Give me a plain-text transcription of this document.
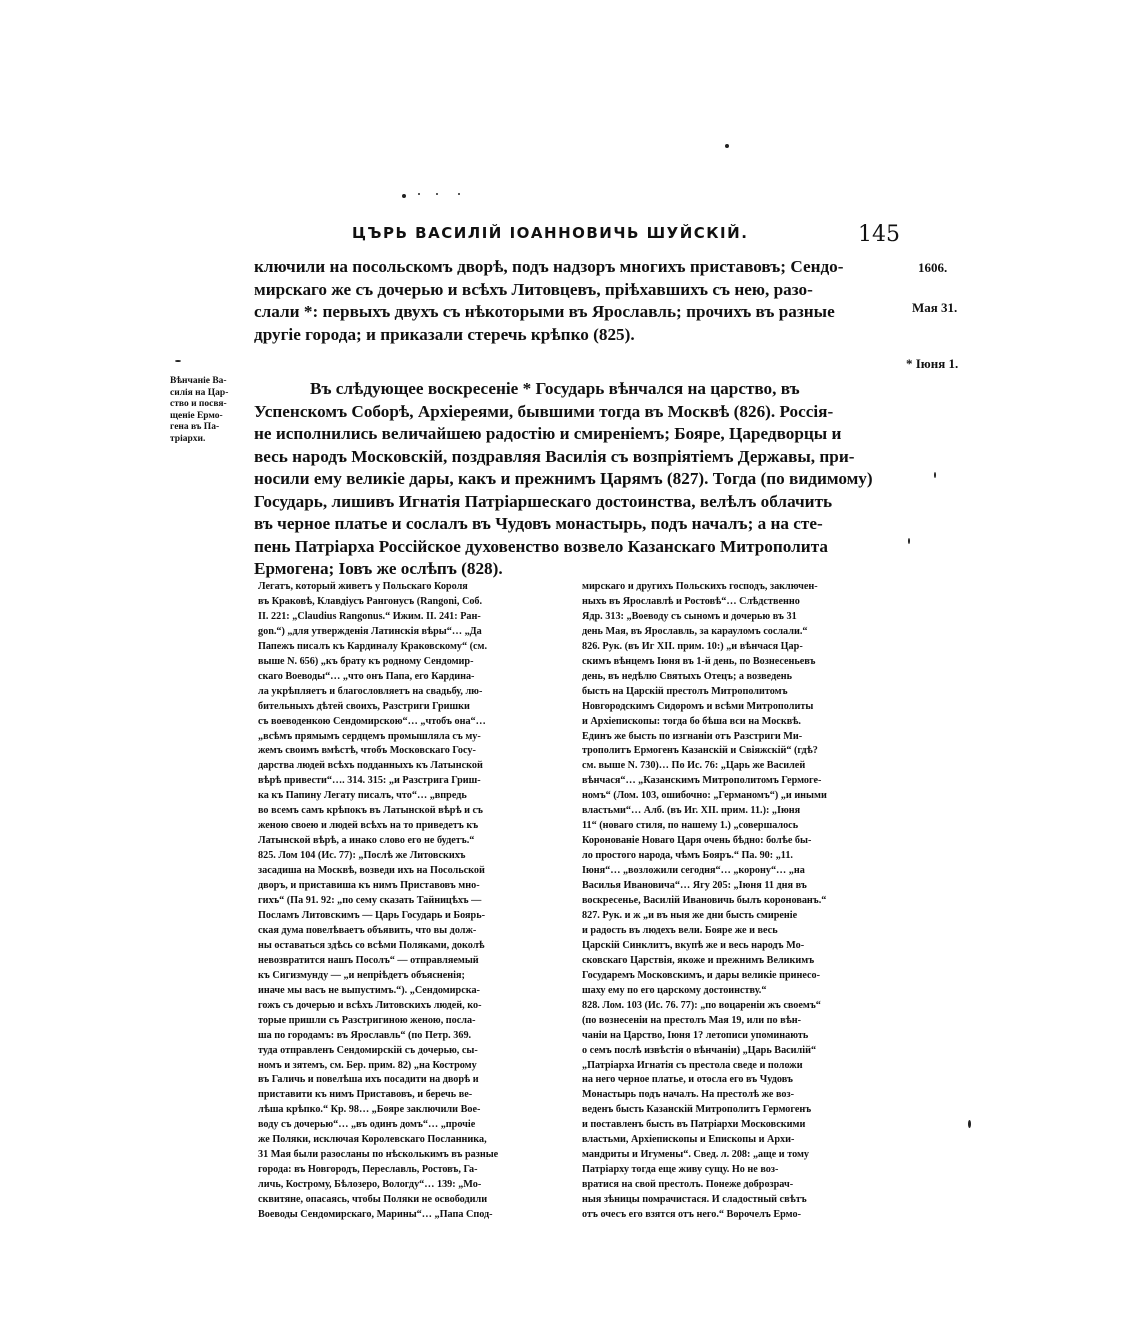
ЦЪРЬ ВАСИЛІЙ ІОАННОВИЧЬ ШУЙСКІЙ.	145
1606.
Мая 31.
* Іюня 1.
Вѣнчаніе Ва-
силія на Цар-
ство и посвя-
щеніе Ермо-
гена въ Па-
тріархи.
ключили на посольскомъ дворѣ, подъ надзоръ многихъ приставовъ; Сендо-
мирскаго же съ дочерью и всѣхъ Литовцевъ, пріѣхавшихъ съ нею, разо-
слали *: первыхъ двухъ съ нѣкоторыми въ Ярославль; прочихъ въ разные
другіе города; и приказали стеречь крѣпко (825).
Въ слѣдующее воскресеніе * Государь вѣнчался на царство, въ
Успенскомъ Соборѣ, Архіереями, бывшими тогда въ Москвѣ (826). Россія-
не исполнились величайшею радостію и смиреніемъ; Бояре, Царедворцы и
весь народъ Московскій, поздравляя Василія съ возпріятіемъ Державы, при-
носили ему великіе дары, какъ и прежнимъ Царямъ (827). Тогда (по видимому)
Государь, лишивъ Игнатія Патріаршескаго достоинства, велѣлъ облачить
въ черное платье и сослалъ въ Чудовъ монастырь, подъ началъ; а на сте-
пень Патріарха Россійское духовенство возвело Казанскаго Митрополита
Ермогена; Іовъ же ослѣпъ (828).
Легатъ, который живетъ у Польскаго Короля
въ Краковѣ, Клавдіусъ Рангонусъ (Rangoni, Соб.
II. 221: „Claudius Rangonus.“ Ижим. II. 241: Ран-
gon.“) „для утвержденія Латинскія вѣры“… „Да
Папежъ писалъ къ Кардиналу Краковскому“ (см.
выше N. 656) „къ брату къ родному Сендомир-
скаго Воеводы“… „что онъ Папа, его Кардина-
ла укрѣпляетъ и благословляетъ на свадьбу, лю-
бительныхъ дѣтей своихъ, Разстриги Гришки
съ воеводенкою Сендомирскою“… „чтобъ она“…
„всѣмъ прямымъ сердцемъ промышляла съ му-
жемъ своимъ вмѣстѣ, чтобъ Московскаго Госу-
дарства людей всѣхъ подданныхъ къ Латынской
вѣрѣ привести“…. 314. 315: „и Разстрига Гриш-
ка къ Папину Легату писалъ, что“… „впредь
во всемъ самъ крѣпокъ въ Латынской вѣрѣ и съ
женою своею и людей всѣхъ на то приведетъ къ
Латынской вѣрѣ, а инако слово его не будетъ.“
825. Лом 104 (Ис. 77): „Послѣ же Литовскихъ
засадиша на Москвѣ, возведи ихъ на Посольской
дворъ, и приставиша къ нимъ Приставовъ мно-
гихъ“ (Па 91. 92: „по сему сказать Тайницѣхъ —
Посламъ Литовскимъ — Царь Государь и Боярь-
ская дума повелѣваетъ объявить, что вы долж-
ны оставаться здѣсь со всѣми Поляками, доколѣ
невозвратится нашъ Посолъ“ — отправляемый
къ Сигизмунду — „и непріѣдетъ объясненія;
иначе мы васъ не выпустимъ.“). „Сендомирска-
гожъ съ дочерью и всѣхъ Литовскихъ людей, ко-
торые пришли съ Разстригиною женою, посла-
ша по городамъ: въ Ярославль“ (по Петр. 369.
туда отправленъ Сендомирскій съ дочерью, сы-
номъ и зятемъ, см. Бер. прим. 82) „на Кострому
въ Галичь и повелѣша ихъ посадити на дворѣ и
приставити къ нимъ Приставовъ, и беречь ве-
лѣша крѣпко.“ Кр. 98… „Бояре заключили Вое-
воду съ дочерью“… „въ одинъ домъ“… „прочіе
же Поляки, исключая Королевскаго Посланника,
31 Мая были разосланы по нѣсколькимъ въ разные
города: въ Новгородъ, Переславль, Ростовъ, Га-
личь, Кострому, Бѣлозеро, Вологду“… 139: „Мо-
сквитяне, опасаясь, чтобы Поляки не освободили
Воеводы Сендомирскаго, Марины“… „Папа Спод-
мирскаго и другихъ Польскихъ господъ, заключен-
ныхъ въ Ярославлѣ и Ростовѣ“… Слѣдственно
Ядр. 313: „Воеводу съ сыномъ и дочерью въ 31
день Мая, въ Ярославль, за карауломъ сослали.“
826. Рук. (въ Иг XII. прим. 10:) „и вѣнчася Цар-
скимъ вѣнцемъ Іюня въ 1-й день, по Вознесеньевъ
день, въ недѣлю Святыхъ Отецъ; а возведень
бысть на Царскій престолъ Митрополитомъ
Новгородскимъ Сидоромъ и всѣми Митрополиты
и Архіепископы: тогда бо бѣша вси на Москвѣ.
Единъ же бысть по изгнаніи отъ Разстриги Ми-
трополитъ Ермогенъ Казанскій и Свіяжскій“ (гдѣ?
см. выше N. 730)… По Ис. 76: „Царь же Василей
вѣнчася“… „Казанскимъ Митрополитомъ Гермоге-
номъ“ (Лом. 103, ошибочно: „Германомъ“) „и иными
властьми“… Алб. (въ Иг. XII. прим. 11.): „Іюня
11“ (новаго стиля, по нашему 1.) „совершалось
Коронованіе Новаго Царя очень бѣдно: болѣе бы-
ло простого народа, чѣмъ Бояръ.“ Па. 90: „11.
Іюня“… „возложили сегодня“… „корону“… „на
Василья Ивановича“… Ягу 205: „Іюня 11 дня въ
воскресенье, Василій Ивановичь былъ коронованъ.“
827. Рук. и ж „и въ ныя же дни бысть смиреніе
и радость въ людехъ вели. Бояре же и весь
Царскій Синклитъ, вкупѣ же и весь народъ Мо-
сковскаго Царствія, якоже и прежнимъ Великимъ
Государемъ Московскимъ, и дары великіе принесо-
шаху ему по его царскому достоинству.“
828. Лом. 103 (Ис. 76. 77): „по воцареніи жъ своемъ“
(по вознесеніи на престолъ Мая 19, или по вѣн-
чаніи на Царство, Іюня 1? летописи упоминають
о семъ послѣ извѣстія о вѣнчаніи) „Царь Василій“
„Патріарха Игнатія съ престола сведе и положи
на него черное платье, и отосла его въ Чудовъ
Монастырь подъ началъ. На престолѣ же воз-
веденъ бысть Казанскій Митрополитъ Гермогенъ
и поставленъ бысть въ Патріархи Московскими
властьми, Архіепископы и Епископы и Архи-
мандриты и Игумены“. Свед. л. 208: „аще и тому
Патріарху тогда еще живу сущу. Но не воз-
вратися на свой престолъ. Понеже доброзрач-
ныя зѣницы помрачистася. И сладостный свѣтъ
отъ очесъ его взятся отъ него.“ Ворочелъ Ермо-
